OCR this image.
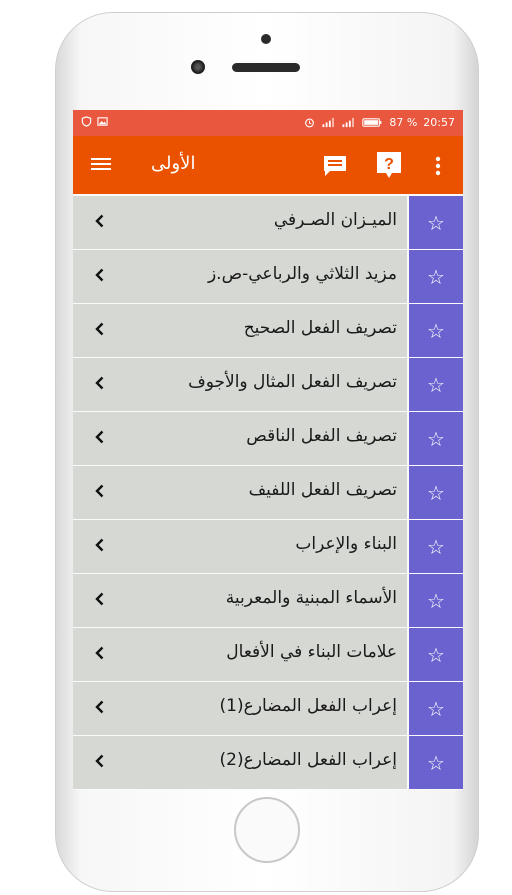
87 % 20:57
الأولى	?
الميـزان الصـرفي	☆
مزيد الثلاثي والرباعي-ص.ز	☆
تصريف الفعل الصحيح	☆
تصريف الفعل المثال والأجوف	☆
تصريف الفعل الناقص	☆
تصريف الفعل اللفيف	☆
البناء والإعراب	☆
الأسماء المبنية والمعربية	☆
علامات البناء في الأفعال	☆
إعراب الفعل المضارع(1)	☆
إعراب الفعل المضارع(2)	☆
